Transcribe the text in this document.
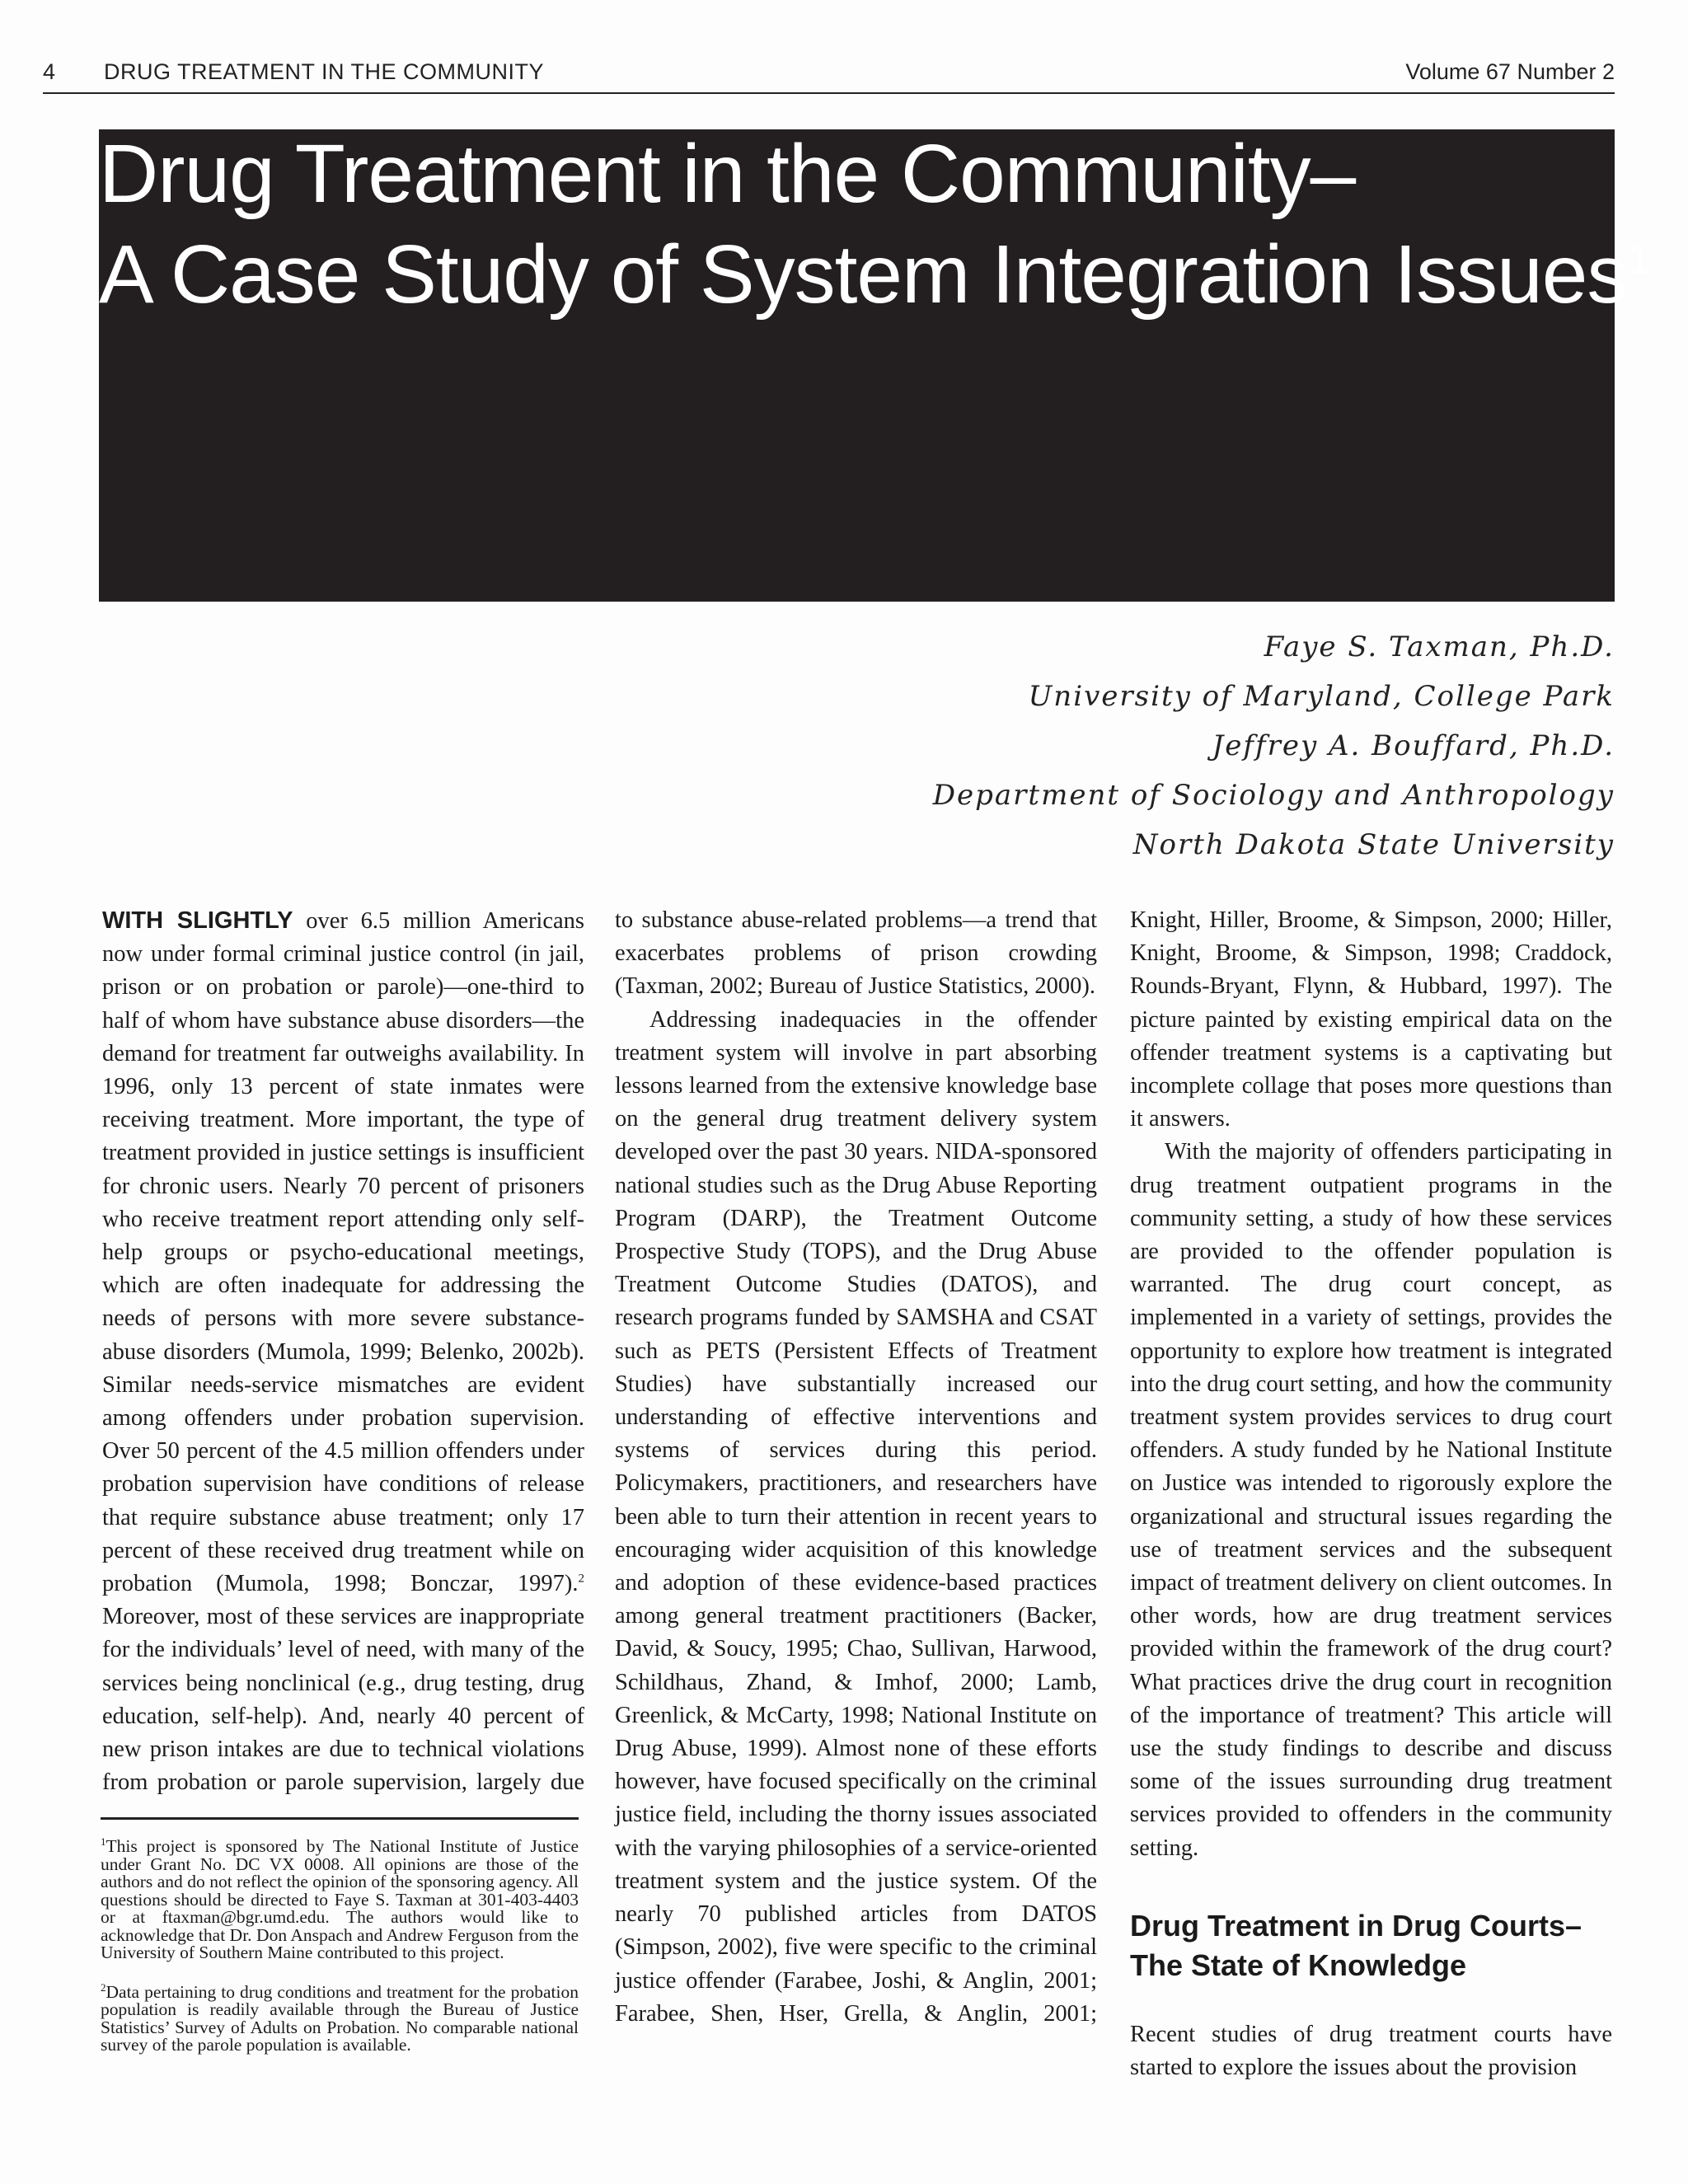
4 DRUG TREATMENT IN THE COMMUNITY	Volume 67 Number 2
Drug Treatment in the Community–
A Case Study of System Integration Issues$^1$
Faye S. Taxman, Ph.D.
University of Maryland, College Park
Jeffrey A. Bouffard, Ph.D.
Department of Sociology and Anthropology
North Dakota State University

WITH SLIGHTLY over 6.5 million Americans now under formal criminal justice control (in jail, prison or on probation or parole)—one-third to half of whom have substance abuse disorders—the demand for treatment far outweighs availability. In 1996, only 13 percent of state inmates were receiving treatment. More important, the type of treatment provided in justice settings is insufficient for chronic users. Nearly 70 percent of prisoners who receive treatment report attending only self-help groups or psycho-educational meetings, which are often inadequate for addressing the needs of persons with more severe substance-abuse disorders (Mumola, 1999; Belenko, 2002b). Similar needs-service mismatches are evident among offenders under probation supervision. Over 50 percent of the 4.5 million offenders under probation supervision have conditions of release that require substance abuse treatment; only 17 percent of these received drug treatment while on probation (Mumola, 1998; Bonczar, 1997).$^2$ Moreover, most of these services are inappropriate for the individuals’ level of need, with many of the services being nonclinical (e.g., drug testing, drug education, self-help). And, nearly 40 percent of new prison intakes are due to technical violations from probation or parole supervision, largely due

to substance abuse-related problems—a trend that exacerbates problems of prison crowding (Taxman, 2002; Bureau of Justice Statistics, 2000).

Addressing inadequacies in the offender treatment system will involve in part absorbing lessons learned from the extensive knowledge base on the general drug treatment delivery system developed over the past 30 years. NIDA-sponsored national studies such as the Drug Abuse Reporting Program (DARP), the Treatment Outcome Prospective Study (TOPS), and the Drug Abuse Treatment Outcome Studies (DATOS), and research programs funded by SAMSHA and CSAT such as PETS (Persistent Effects of Treatment Studies) have substantially increased our understanding of effective interventions and systems of services during this period. Policymakers, practitioners, and researchers have been able to turn their attention in recent years to encouraging wider acquisition of this knowledge and adoption of these evidence-based practices among general treatment practitioners (Backer, David, & Soucy, 1995; Chao, Sullivan, Harwood, Schildhaus, Zhand, & Imhof, 2000; Lamb, Greenlick, & McCarty, 1998; National Institute on Drug Abuse, 1999). Almost none of these efforts however, have focused specifically on the criminal justice field, including the thorny issues associated with the varying philosophies of a service-oriented treatment system and the justice system. Of the nearly 70 published articles from DATOS (Simpson, 2002), five were specific to the criminal justice offender (Farabee, Joshi, & Anglin, 2001; Farabee, Shen, Hser, Grella, & Anglin, 2001;

Knight, Hiller, Broome, & Simpson, 2000; Hiller, Knight, Broome, & Simpson, 1998; Craddock, Rounds-Bryant, Flynn, & Hubbard, 1997). The picture painted by existing empirical data on the offender treatment systems is a captivating but incomplete collage that poses more questions than it answers.

With the majority of offenders participating in drug treatment outpatient programs in the community setting, a study of how these services are provided to the offender population is warranted. The drug court concept, as implemented in a variety of settings, provides the opportunity to explore how treatment is integrated into the drug court setting, and how the community treatment system provides services to drug court offenders. A study funded by he National Institute on Justice was intended to rigorously explore the organizational and structural issues regarding the use of treatment services and the subsequent impact of treatment delivery on client outcomes. In other words, how are drug treatment services provided within the framework of the drug court? What practices drive the drug court in recognition of the importance of treatment? This article will use the study findings to describe and discuss some of the issues surrounding drug treatment services provided to offenders in the community setting.

Drug Treatment in Drug Courts–The State of Knowledge

Recent studies of drug treatment courts have started to explore the issues about the provision

$^1$This project is sponsored by The National Institute of Justice under Grant No. DC VX 0008. All opinions are those of the authors and do not reflect the opinion of the sponsoring agency. All questions should be directed to Faye S. Taxman at 301-403-4403 or at ftaxman@bgr.umd.edu. The authors would like to acknowledge that Dr. Don Anspach and Andrew Ferguson from the University of Southern Maine contributed to this project.

$^2$Data pertaining to drug conditions and treatment for the probation population is readily available through the Bureau of Justice Statistics’ Survey of Adults on Probation. No comparable national survey of the parole population is available.
